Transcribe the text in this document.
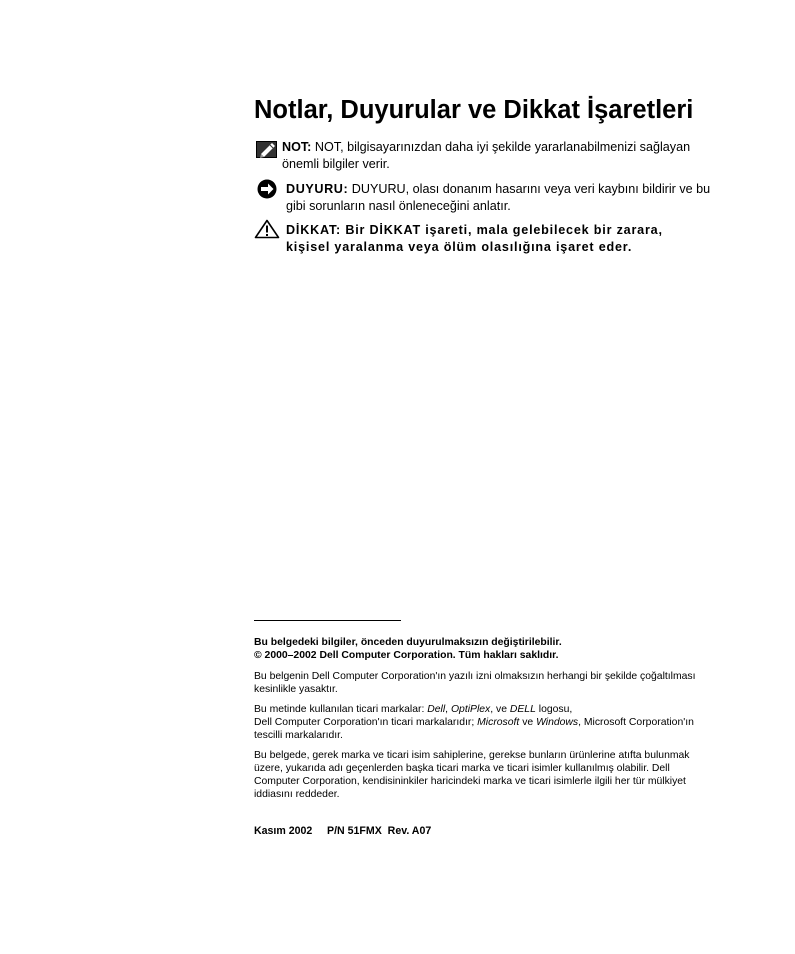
Notlar, Duyurular ve Dikkat İşaretleri
NOT: NOT, bilgisayarınızdan daha iyi şekilde yararlanabilmenizi sağlayan önemli bilgiler verir.
DUYURU: DUYURU, olası donanım hasarını veya veri kaybını bildirir ve bu gibi sorunların nasıl önleneceğini anlatır.
DİKKAT: Bir DİKKAT işareti, mala gelebilecek bir zarara, kişisel yaralanma veya ölüm olasılığına işaret eder.
Bu belgedeki bilgiler, önceden duyurulmaksızın değiştirilebilir.
© 2000–2002 Dell Computer Corporation. Tüm hakları saklıdır.
Bu belgenin Dell Computer Corporation'ın yazılı izni olmaksızın herhangi bir şekilde çoğaltılması kesinlikle yasaktır.
Bu metinde kullanılan ticari markalar: Dell, OptiPlex, ve DELL logosu,
Dell Computer Corporation'ın ticari markalarıdır; Microsoft ve Windows, Microsoft Corporation'ın tescilli markalarıdır.
Bu belgede, gerek marka ve ticari isim sahiplerine, gerekse bunların ürünlerine atıfta bulunmak üzere, yukarıda adı geçenlerden başka ticari marka ve ticari isimler kullanılmış olabilir. Dell Computer Corporation, kendisininkiler haricindeki marka ve ticari isimlerle ilgili her tür mülkiyet iddiasını reddeder.
Kasım 2002 P/N 51FMX  Rev. A07
